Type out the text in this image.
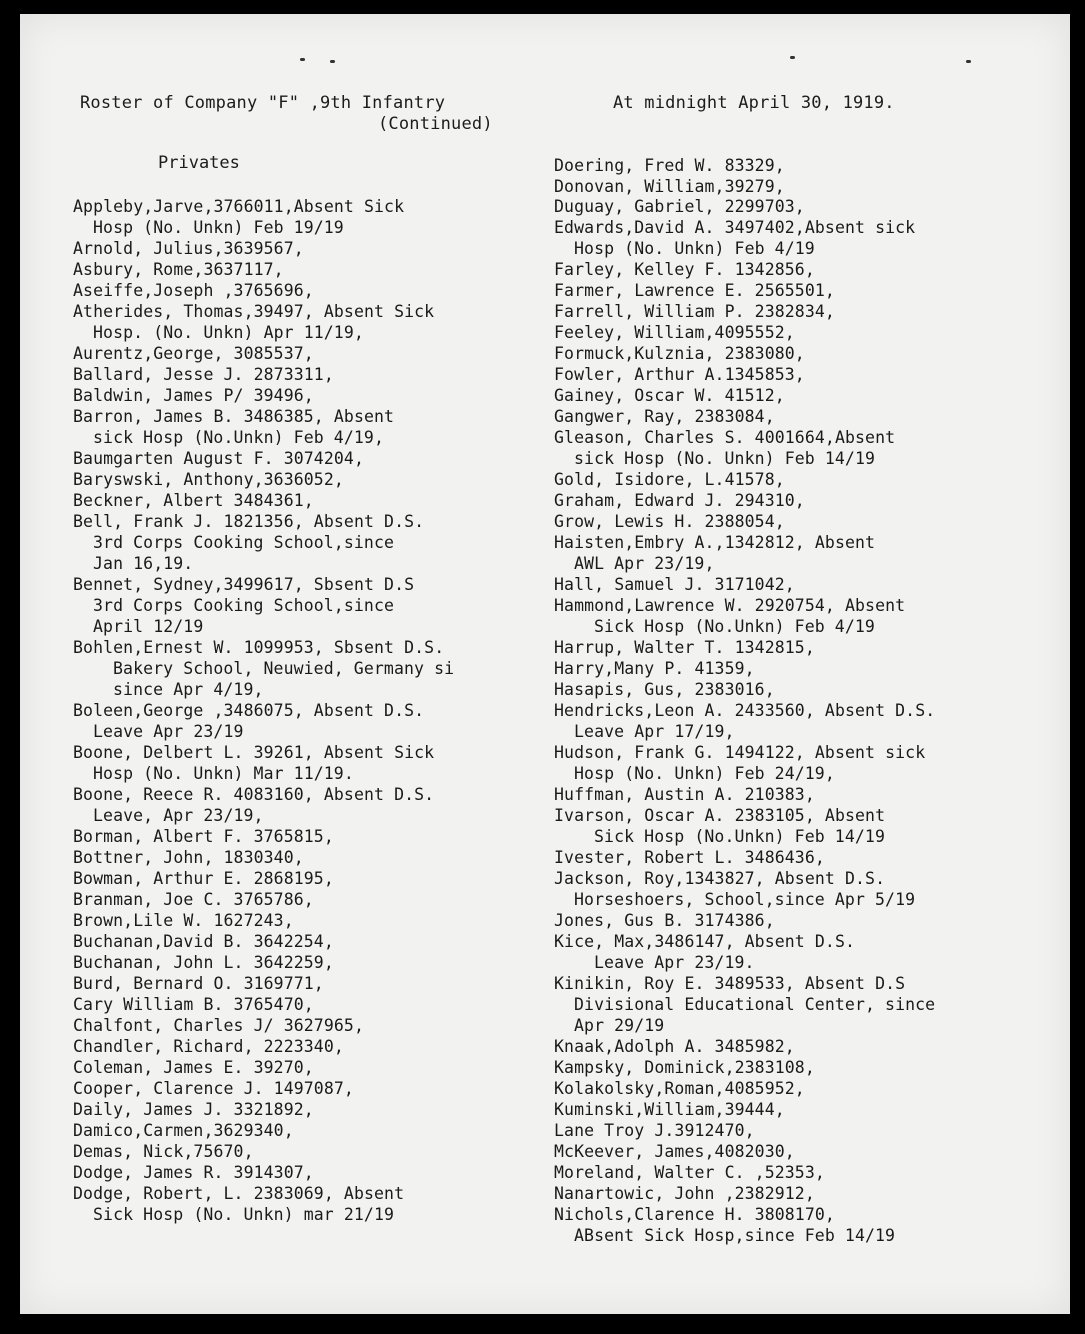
Roster of Company "F" ,9th Infantry
(Continued)
At midnight April 30, 1919.
Privates	Doering, Fred W. 83329,
Donovan, William,39279,
Appleby,Jarve,3766011,Absent Sick
Hosp (No. Unkn) Feb 19/19
Arnold, Julius,3639567,
Asbury, Rome,3637117,
Aseiffe,Joseph ,3765696,
Atherides, Thomas,39497, Absent Sick
Hosp. (No. Unkn) Apr 11/19,
Aurentz,George, 3085537,
Ballard, Jesse J. 2873311,
Baldwin, James P/ 39496,
Barron, James B. 3486385, Absent
sick Hosp (No.Unkn) Feb 4/19,
Baumgarten August F. 3074204,
Baryswski, Anthony,3636052,
Beckner, Albert 3484361,
Bell, Frank J. 1821356, Absent D.S.
3rd Corps Cooking School,since
Jan 16,19.
Bennet, Sydney,3499617, Sbsent D.S
3rd Corps Cooking School,since
April 12/19
Bohlen,Ernest W. 1099953, Sbsent D.S.
Bakery School, Neuwied, Germany si
since Apr 4/19,
Boleen,George ,3486075, Absent D.S.
Leave Apr 23/19
Boone, Delbert L. 39261, Absent Sick
Hosp (No. Unkn) Mar 11/19.
Boone, Reece R. 4083160, Absent D.S.
Leave, Apr 23/19,
Borman, Albert F. 3765815,
Bottner, John, 1830340,
Bowman, Arthur E. 2868195,
Branman, Joe C. 3765786,
Brown,Lile W. 1627243,
Buchanan,David B. 3642254,
Buchanan, John L. 3642259,
Burd, Bernard O. 3169771,
Cary William B. 3765470,
Chalfont, Charles J/ 3627965,
Chandler, Richard, 2223340,
Coleman, James E. 39270,
Cooper, Clarence J. 1497087,
Daily, James J. 3321892,
Damico,Carmen,3629340,
Demas, Nick,75670,
Dodge, James R. 3914307,
Dodge, Robert, L. 2383069, Absent
Sick Hosp (No. Unkn) mar 21/19
Duguay, Gabriel, 2299703,
Edwards,David A. 3497402,Absent sick
Hosp (No. Unkn) Feb 4/19
Farley, Kelley F. 1342856,
Farmer, Lawrence E. 2565501,
Farrell, William P. 2382834,
Feeley, William,4095552,
Formuck,Kulznia, 2383080,
Fowler, Arthur A.1345853,
Gainey, Oscar W. 41512,
Gangwer, Ray, 2383084,
Gleason, Charles S. 4001664,Absent
sick Hosp (No. Unkn) Feb 14/19
Gold, Isidore, L.41578,
Graham, Edward J. 294310,
Grow, Lewis H. 2388054,
Haisten,Embry A.,1342812, Absent
AWL Apr 23/19,
Hall, Samuel J. 3171042,
Hammond,Lawrence W. 2920754, Absent
Sick Hosp (No.Unkn) Feb 4/19
Harrup, Walter T. 1342815,
Harry,Many P. 41359,
Hasapis, Gus, 2383016,
Hendricks,Leon A. 2433560, Absent D.S.
Leave Apr 17/19,
Hudson, Frank G. 1494122, Absent sick
Hosp (No. Unkn) Feb 24/19,
Huffman, Austin A. 210383,
Ivarson, Oscar A. 2383105, Absent
Sick Hosp (No.Unkn) Feb 14/19
Ivester, Robert L. 3486436,
Jackson, Roy,1343827, Absent D.S.
Horseshoers, School,since Apr 5/19
Jones, Gus B. 3174386,
Kice, Max,3486147, Absent D.S.
Leave Apr 23/19.
Kinikin, Roy E. 3489533, Absent D.S
Divisional Educational Center, since
Apr 29/19
Knaak,Adolph A. 3485982,
Kampsky, Dominick,2383108,
Kolakolsky,Roman,4085952,
Kuminski,William,39444,
Lane Troy J.3912470,
McKeever, James,4082030,
Moreland, Walter C. ,52353,
Nanartowic, John ,2382912,
Nichols,Clarence H. 3808170,
ABsent Sick Hosp,since Feb 14/19
